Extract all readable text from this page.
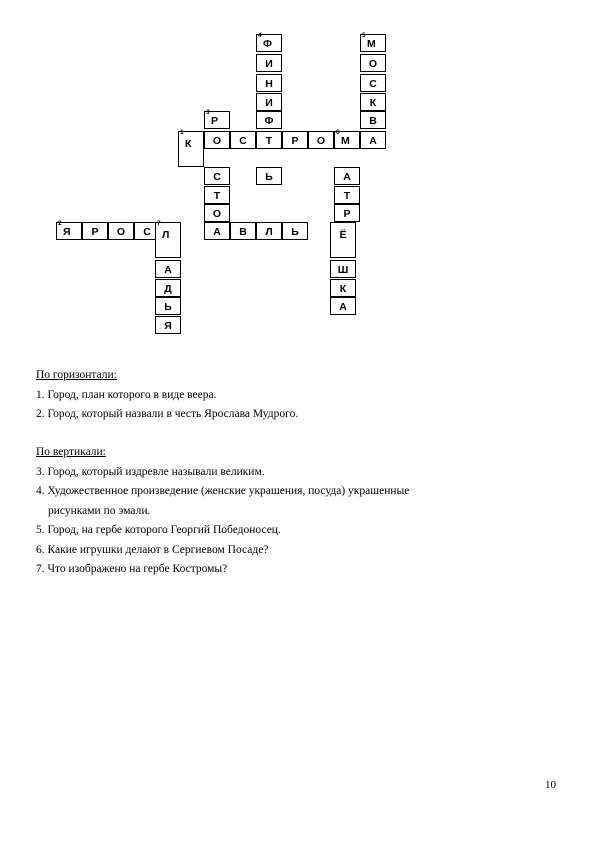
4
Ф
5
М
И	О
Н	С
И	К
3
Р	Ф	В
1
К	О	С	Т	Р	О
6
М	А
С	Ь	А
Т	Т
О	Р
2
Я	Р	О	С
7
Л	А	В	Л	Ь	Ё
А
Д
Ш
Ь
К
Я
А
По горизонтали:
1. Город, план которого в виде веера.
2. Город, который назвали в честь Ярослава Мудрого.
По вертикали:
3. Город, который издревле называли великим.
4. Художественное произведение (женские украшения, посуда) украшенные
рисунками по эмали.
5. Город, на гербе которого Георгий Победоносец.
6. Какие игрушки делают в Сергиевом Посаде?
7. Что изображено на гербе Костромы?
10
